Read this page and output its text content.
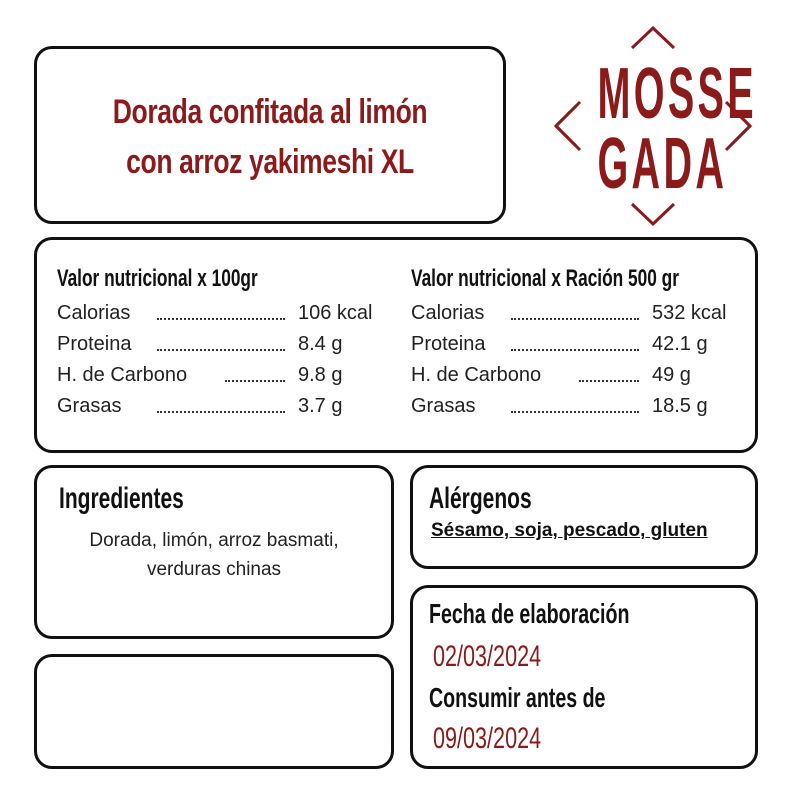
Dorada confitada al limón
con arroz yakimeshi XL
MOSSE
GADA
Valor nutricional x 100gr
Calorias	106 kcal
Proteina	8.4 g
H. de Carbono	9.8 g
Grasas	3.7 g
Valor nutricional x Ración 500 gr
Calorias	532 kcal
Proteina	42.1 g
H. de Carbono	49 g
Grasas	18.5 g
Ingredientes
Dorada, limón, arroz basmati, verduras chinas
Alérgenos
Sésamo, soja, pescado, gluten
Fecha de elaboración
02/03/2024
Consumir antes de
09/03/2024
